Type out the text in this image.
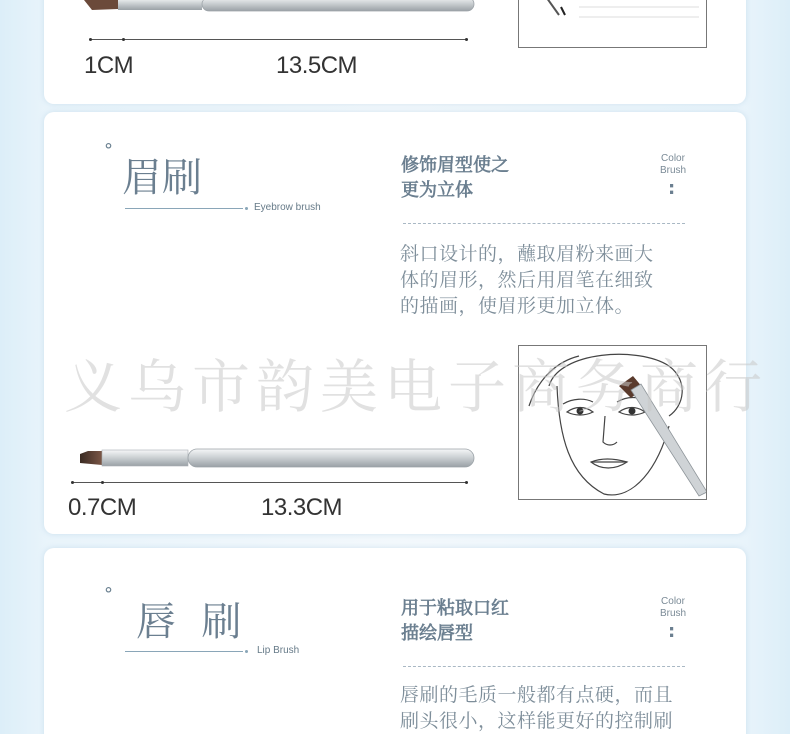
1CM	13.5CM
°
眉刷
Eyebrow brush
修饰眉型使之
更为立体
Color
Brush
:
斜口设计的，蘸取眉粉来画大
体的眉形，然后用眉笔在细致
的描画，使眉形更加立体。
0.7CM	13.3CM
°
唇  刷
Lip Brush
用于粘取口红
描绘唇型
Color
Brush
:
唇刷的毛质一般都有点硬，而且
刷头很小，这样能更好的控制刷
义乌市韵美电子商务商行
